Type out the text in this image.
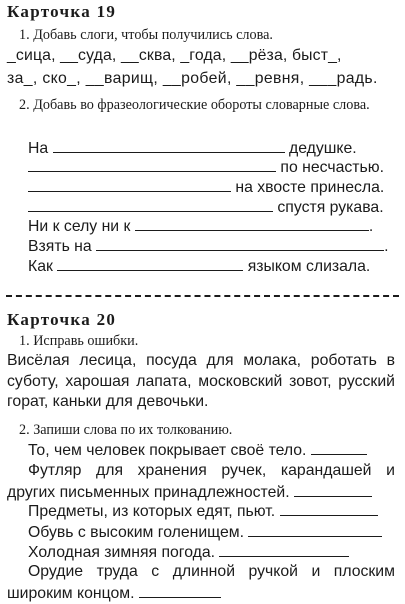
Карточка 19
1. Добавь слоги, чтобы получились слова.
_сица, __суда, __сква, _года, __рёза, быст_,
за_, ско_, __варищ, __робей, __ревня, ___радь.
2. Добавь во фразеологические обороты словарные слова.
На	дедушке.
по несчастью.
на хвосте принесла.
спустя рукава.
Ни к селу ни к	.
Взять на	.
Как	языком слизала.
Карточка 20
1. Исправь ошибки.
Висёлая лесица, посуда для молака, роботать в суботу, харошая лапата, московский зовот, русский горат, каньки для девочьки.
2. Запиши слова по их толкованию.
То, чем человек покрывает своё тело.
Футляр для хранения ручек, карандашей и других письменных принадлежностей.
Предметы, из которых едят, пьют.
Обувь с высоким голенищем.
Холодная зимняя погода.
Орудие труда с длинной ручкой и плоским широким концом.
